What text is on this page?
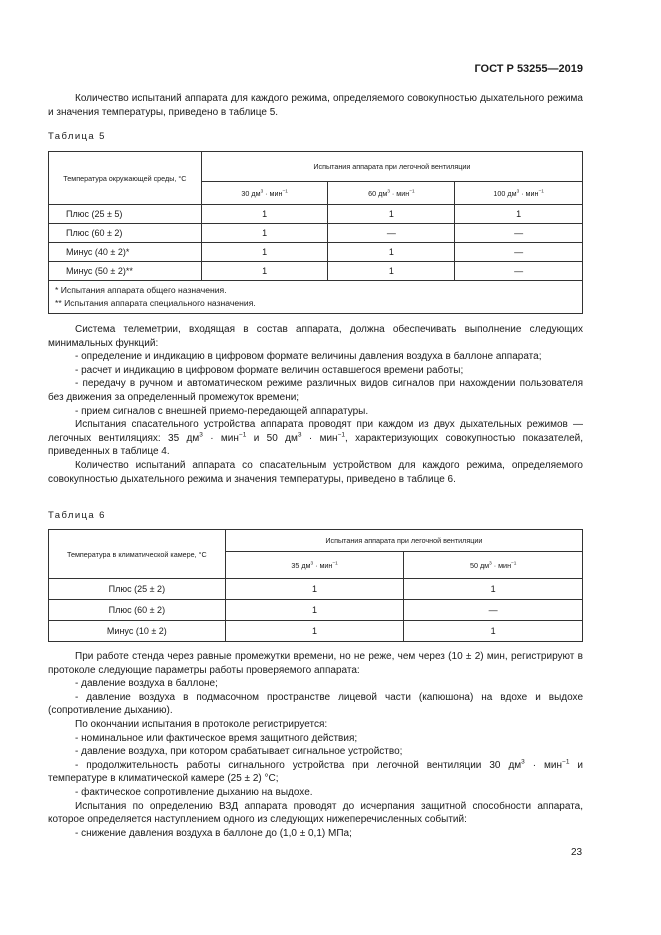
ГОСТ Р 53255—2019

Количество испытаний аппарата для каждого режима, определяемого совокупностью дыхательного режима и значения температуры, приведено в таблице 5.

Таблица 5
Температура окружающей среды, °С	Испытания аппарата при легочной вентиляции		
	30 $дм^3 \cdot мин^{-1}$	60 $дм^3 \cdot мин^{-1}$	100 $дм^3 \cdot мин^{-1}$
Плюс (25 ± 5)	1	1	1
Плюс (60 ± 2)	1	—	—
Минус (40 ± 2)*	1	1	—
Минус (50 ± 2)**	1	1	—

* Испытания аппарата общего назначения.
** Испытания аппарата специального назначения.			
Система телеметрии, входящая в состав аппарата, должна обеспечивать выполнение следующих минимальных функций:
- определение и индикацию в цифровом формате величины давления воздуха в баллоне аппарата;
- расчет и индикацию в цифровом формате величин оставшегося времени работы;
- передачу в ручном и автоматическом режиме различных видов сигналов при нахождении пользователя без движения за определенный промежуток времени;
- прием сигналов с внешней приемо-передающей аппаратуры.
Испытания спасательного устройства аппарата проводят при каждом из двух дыхательных режимов — легочных вентиляциях: 35 $дм^3 \cdot мин^{-1}$ и 50 $дм^3 \cdot мин^{-1}$, характеризующих совокупностью показателей, приведенных в таблице 4.
Количество испытаний аппарата со спасательным устройством для каждого режима, определяемого совокупностью дыхательного режима и значения температуры, приведено в таблице 6.
Таблица 6
Температура в климатической камере, °С	Испытания аппарата при легочной вентиляции	
	35 $дм^3 \cdot мин^{-1}$	50 $дм^3 \cdot мин^{-1}$
Плюс (25 ± 2)	1	1
Плюс (60 ± 2)	1	—
Минус (10 ± 2)	1	1
При работе стенда через равные промежутки времени, но не реже, чем через (10 ± 2) мин, регистрируют в протоколе следующие параметры работы проверяемого аппарата:
- давление воздуха в баллоне;
- давление воздуха в подмасочном пространстве лицевой части (капюшона) на вдохе и выдохе (сопротивление дыханию).
По окончании испытания в протоколе регистрируется:
- номинальное или фактическое время защитного действия;
- давление воздуха, при котором срабатывает сигнальное устройство;
- продолжительность работы сигнального устройства при легочной вентиляции 30 $дм^3 \cdot мин^{-1}$ и температуре в климатической камере (25 ± 2) °С;
- фактическое сопротивление дыханию на выдохе.
Испытания по определению ВЗД аппарата проводят до исчерпания защитной способности аппарата, которое определяется наступлением одного из следующих нижеперечисленных событий:
- снижение давления воздуха в баллоне до (1,0 ± 0,1) МПа;
23
